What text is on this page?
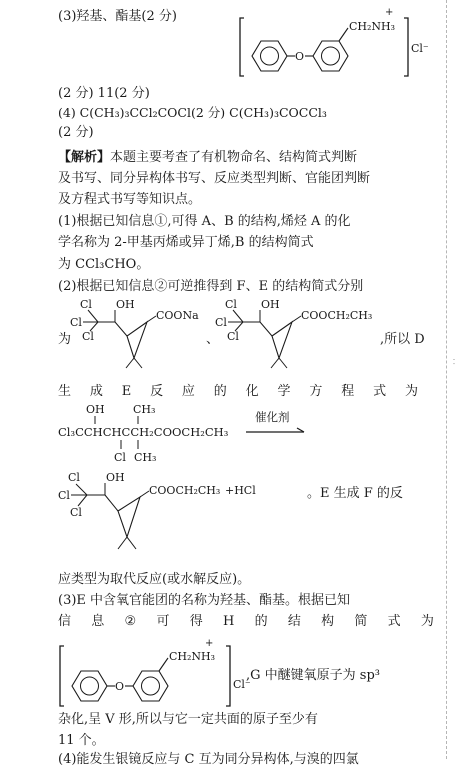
﹕
(3)羟基、酯基(2 分)
O
+
CH₂NH₃
Cl⁻
(2 分) 11(2 分)
(4) C(CH₃)₃CCl₂COCl(2 分) C(CH₃)₃COCCl₃
(2 分)
【解析】本题主要考查了有机物命名、结构简式判断
及书写、同分异构体书写、反应类型判断、官能团判断
及方程式书写等知识点。
(1)根据已知信息①,可得 A、B 的结构,烯烃 A 的化
学名称为 2-甲基丙烯或异丁烯,B 的结构简式
为 CCl₃CHO。
(2)根据已知信息②可逆推得到 F、E 的结构简式分别
为
Cl
Cl
Cl
OH
COONa
、
Cl
Cl
Cl
OH
COOCH₂CH₃
,所以 D
生 成 E 反 应 的 化 学 方 程 式 为
OH	CH₃
Cl₃CCHCHCCH₂COOCH₂CH₃
Cl CH₃
催化剂
。E 生成 F 的反
Cl
Cl
Cl
OH
COOCH₂CH₃ +HCl
应类型为取代反应(或水解反应)。
(3)E 中含氧官能团的名称为羟基、酯基。根据已知
信 息 ② 可 得 H 的 结 构 简 式 为
O
+
CH₂NH₃
Cl⁻
,G 中醚键氧原子为 sp³
杂化,呈 V 形,所以与它一定共面的原子至少有
11 个。
(4)能发生银镜反应与 C 互为同分异构体,与溴的四氯
